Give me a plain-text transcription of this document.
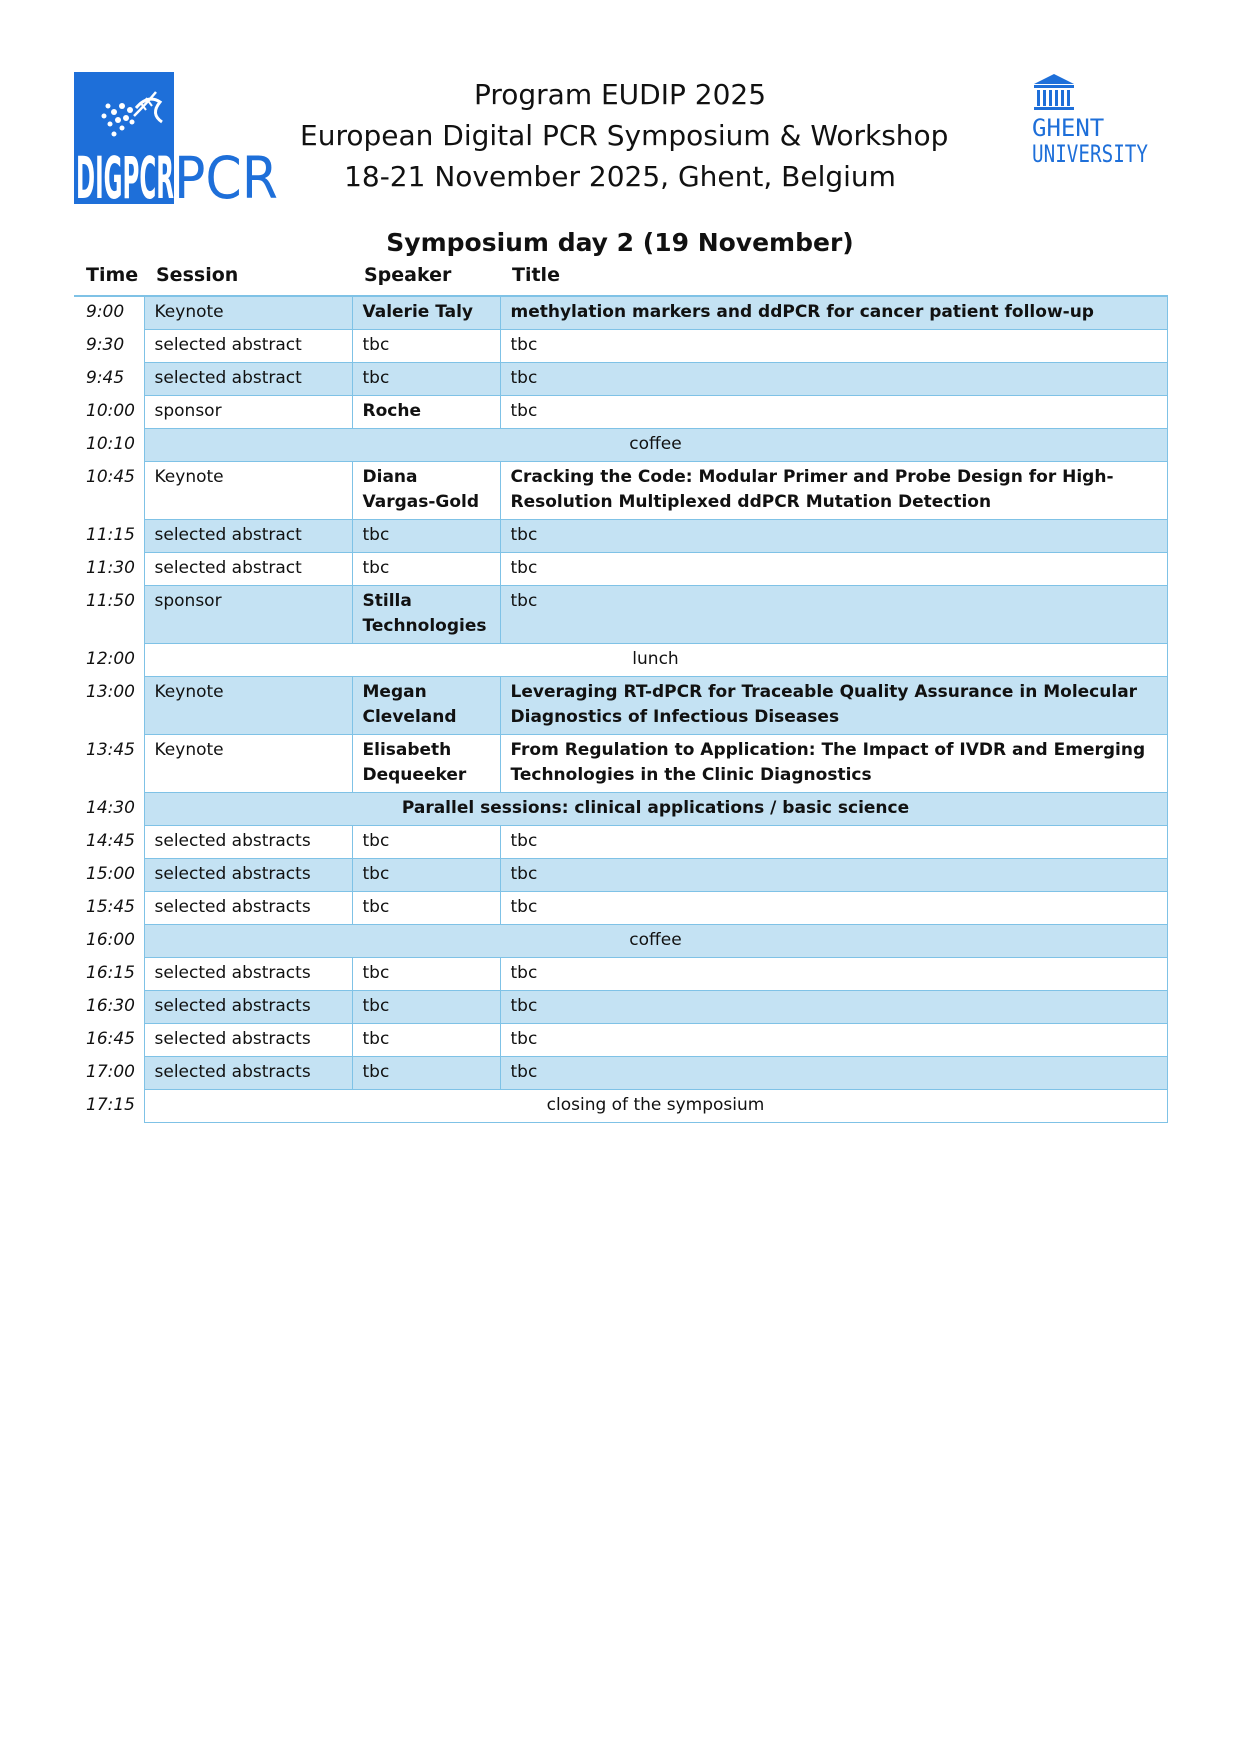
DIGPCR PCR
Program EUDIP 2025
European Digital PCR Symposium & Workshop
18-21 November 2025, Ghent, Belgium
GHENT
UNIVERSITY
Symposium day 2 (19 November)
Time Session	Speaker	Title
9:00	Keynote	Valerie Taly	methylation markers and ddPCR for cancer patient follow-up
9:30	selected abstract	tbc	tbc
9:45	selected abstract	tbc	tbc
10:00	sponsor	Roche	tbc
10:10	coffee		
10:45	Keynote	Diana Vargas-Gold	Cracking the Code: Modular Primer and Probe Design for High-Resolution Multiplexed ddPCR Mutation Detection
11:15	selected abstract	tbc	tbc
11:30	selected abstract	tbc	tbc
11:50	sponsor	Stilla Technologies	tbc
12:00	lunch		
13:00	Keynote	Megan Cleveland	Leveraging RT-dPCR for Traceable Quality Assurance in Molecular Diagnostics of Infectious Diseases
13:45	Keynote	Elisabeth Dequeeker	From Regulation to Application: The Impact of IVDR and Emerging Technologies in the Clinic Diagnostics
14:30	Parallel sessions: clinical applications / basic science		
14:45	selected abstracts	tbc	tbc
15:00	selected abstracts	tbc	tbc
15:45	selected abstracts	tbc	tbc
16:00	coffee		
16:15	selected abstracts	tbc	tbc
16:30	selected abstracts	tbc	tbc
16:45	selected abstracts	tbc	tbc
17:00	selected abstracts	tbc	tbc
17:15	closing of the symposium		
